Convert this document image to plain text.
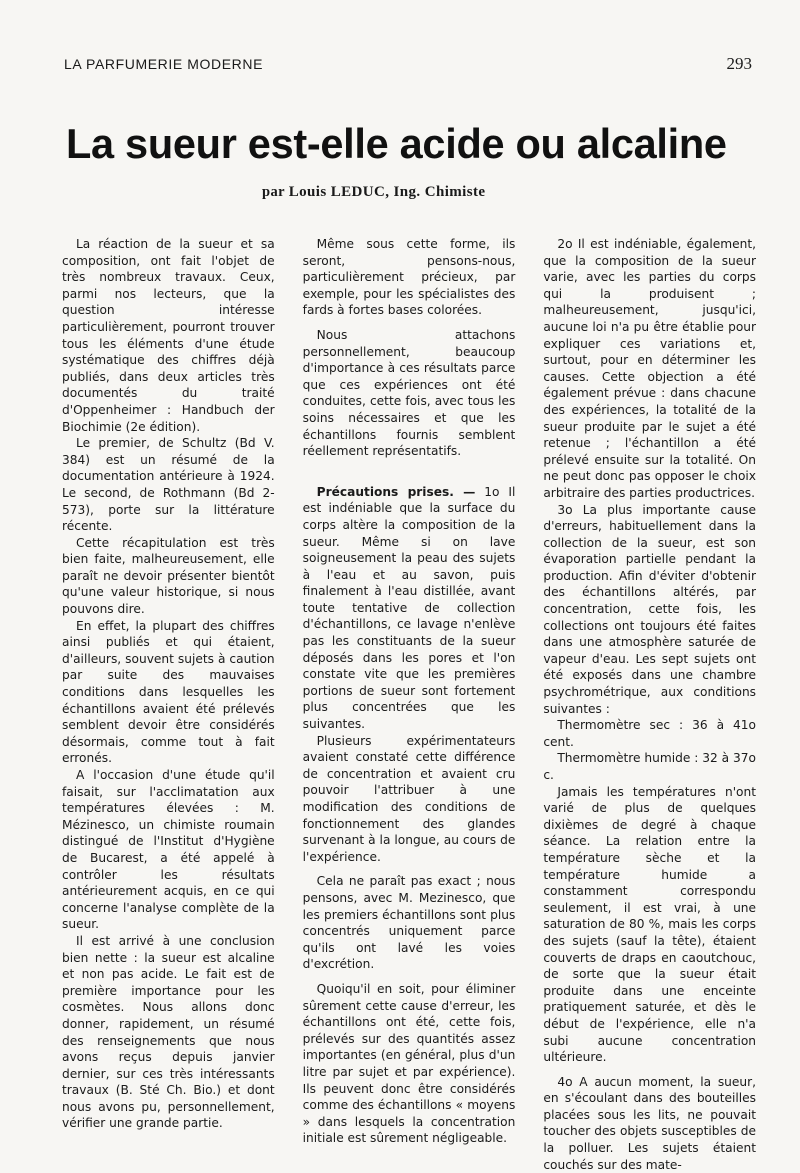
LA PARFUMERIE MODERNE	293
La sueur est-elle acide ou alcaline
par Louis LEDUC, Ing. Chimiste

La réaction de la sueur et sa composition, ont fait l'objet de très nombreux travaux. Ceux, parmi nos lecteurs, que la question intéresse particulièrement, pourront trouver tous les éléments d'une étude systématique des chiffres déjà publiés, dans deux articles très documentés du traité d'Oppenheimer : Handbuch der Biochimie (2e édition).

Le premier, de Schultz (Bd V. 384) est un résumé de la documentation antérieure à 1924. Le second, de Rothmann (Bd 2-573), porte sur la littérature récente.

Cette récapitulation est très bien faite, malheureusement, elle paraît ne devoir présenter bientôt qu'une valeur historique, si nous pouvons dire.

En effet, la plupart des chiffres ainsi publiés et qui étaient, d'ailleurs, souvent sujets à caution par suite des mauvaises conditions dans lesquelles les échantillons avaient été prélevés semblent devoir être considérés désormais, comme tout à fait erronés.

A l'occasion d'une étude qu'il faisait, sur l'acclimatation aux températures élevées : M. Mézinesco, un chimiste roumain distingué de l'Institut d'Hygiène de Bucarest, a été appelé à contrôler les résultats antérieurement acquis, en ce qui concerne l'analyse complète de la sueur.

Il est arrivé à une conclusion bien nette : la sueur est alcaline et non pas acide. Le fait est de première importance pour les cosmètes. Nous allons donc donner, rapidement, un résumé des renseignements que nous avons reçus depuis janvier dernier, sur ces très intéressants travaux (B. Sté Ch. Bio.) et dont nous avons pu, personnellement, vérifier une grande partie.

Même sous cette forme, ils seront, pensons-nous, particulièrement précieux, par exemple, pour les spécialistes des fards à fortes bases colorées.

Nous attachons personnellement, beaucoup d'importance à ces résultats parce que ces expériences ont été conduites, cette fois, avec tous les soins nécessaires et que les échantillons fournis semblent réellement représentatifs.

Précautions prises. — 1o Il est indéniable que la surface du corps altère la composition de la sueur. Même si on lave soigneusement la peau des sujets à l'eau et au savon, puis finalement à l'eau distillée, avant toute tentative de collection d'échantillons, ce lavage n'enlève pas les constituants de la sueur déposés dans les pores et l'on constate vite que les premières portions de sueur sont fortement plus concentrées que les suivantes.

Plusieurs expérimentateurs avaient constaté cette différence de concentration et avaient cru pouvoir l'attribuer à une modification des conditions de fonctionnement des glandes survenant à la longue, au cours de l'expérience.

Cela ne paraît pas exact ; nous pensons, avec M. Mezinesco, que les premiers échantillons sont plus concentrés uniquement parce qu'ils ont lavé les voies d'excrétion.

Quoiqu'il en soit, pour éliminer sûrement cette cause d'erreur, les échantillons ont été, cette fois, prélevés sur des quantités assez importantes (en général, plus d'un litre par sujet et par expérience). Ils peuvent donc être considérés comme des échantillons « moyens » dans lesquels la concentration initiale est sûrement négligeable.

2o Il est indéniable, également, que la composition de la sueur varie, avec les parties du corps qui la produisent ; malheureusement, jusqu'ici, aucune loi n'a pu être établie pour expliquer ces variations et, surtout, pour en déterminer les causes. Cette objection a été également prévue : dans chacune des expériences, la totalité de la sueur produite par le sujet a été retenue ; l'échantillon a été prélevé ensuite sur la totalité. On ne peut donc pas opposer le choix arbitraire des parties productrices.

3o La plus importante cause d'erreurs, habituellement dans la collection de la sueur, est son évaporation partielle pendant la production. Afin d'éviter d'obtenir des échantillons altérés, par concentration, cette fois, les collections ont toujours été faites dans une atmosphère saturée de vapeur d'eau. Les sept sujets ont été exposés dans une chambre psychrométrique, aux conditions suivantes :

Thermomètre sec : 36 à 41o cent.

Thermomètre humide : 32 à 37o c.

Jamais les températures n'ont varié de plus de quelques dixièmes de degré à chaque séance. La relation entre la température sèche et la température humide a constamment correspondu seulement, il est vrai, à une saturation de 80 %, mais les corps des sujets (sauf la tête), étaient couverts de draps en caoutchouc, de sorte que la sueur était produite dans une enceinte pratiquement saturée, et dès le début de l'expérience, elle n'a subi aucune concentration ultérieure.

4o A aucun moment, la sueur, en s'écoulant dans des bouteilles placées sous les lits, ne pouvait toucher des objets susceptibles de la polluer. Les sujets étaient couchés sur des mate-
